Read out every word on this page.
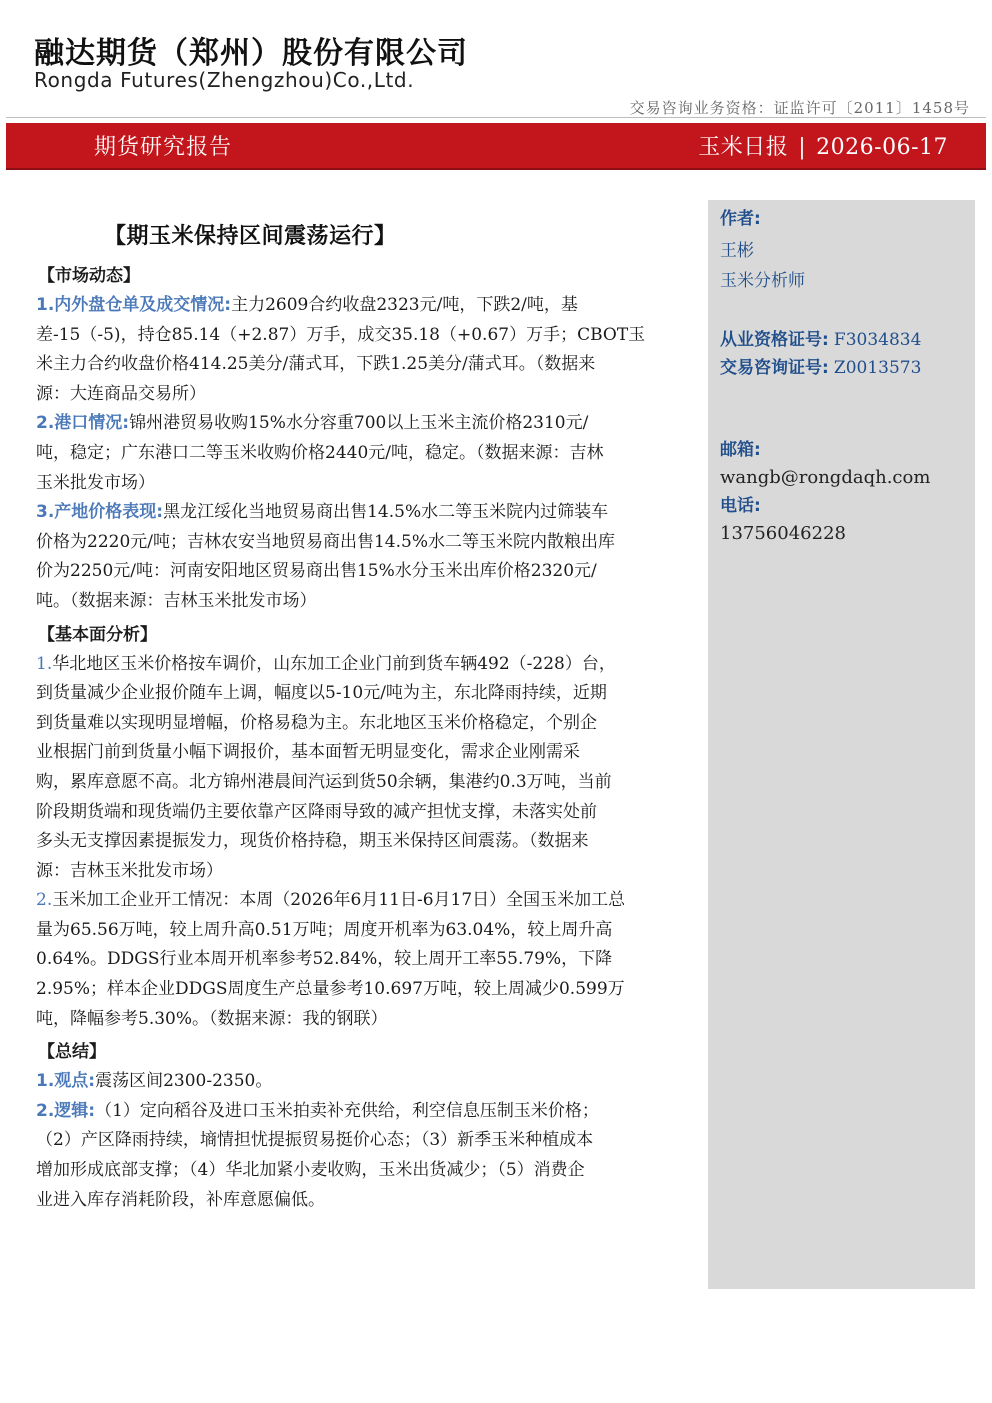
融达期货（郑州）股份有限公司
Rongda Futures(Zhengzhou)Co.,Ltd.
交易咨询业务资格：证监许可〔2011〕1458号
期货研究报告	玉米日报 | 2026-06-17
作者:
王彬
玉米分析师
从业资格证号: F3034834
交易咨询证号: Z0013573
邮箱:
wangb@rongdaqh.com
电话:
13756046228
【期玉米保持区间震荡运行】
【市场动态】
1.内外盘仓单及成交情况:主力2609合约收盘2323元/吨，下跌2/吨，基
差-15（-5)，持仓85.14（+2.87）万手，成交35.18（+0.67）万手；CBOT玉
米主力合约收盘价格414.25美分/蒲式耳，下跌1.25美分/蒲式耳。（数据来
源：大连商品交易所）
2.港口情况:锦州港贸易收购15%水分容重700以上玉米主流价格2310元/
吨，稳定；广东港口二等玉米收购价格2440元/吨，稳定。（数据来源：吉林
玉米批发市场）
3.产地价格表现:黑龙江绥化当地贸易商出售14.5%水二等玉米院内过筛装车
价格为2220元/吨；吉林农安当地贸易商出售14.5%水二等玉米院内散粮出库
价为2250元/吨：河南安阳地区贸易商出售15%水分玉米出库价格2320元/
吨。（数据来源：吉林玉米批发市场）
【基本面分析】
1.华北地区玉米价格按车调价，山东加工企业门前到货车辆492（-228）台，
到货量减少企业报价随车上调，幅度以5-10元/吨为主，东北降雨持续，近期
到货量难以实现明显增幅，价格易稳为主。东北地区玉米价格稳定，个别企
业根据门前到货量小幅下调报价，基本面暂无明显变化，需求企业刚需采
购，累库意愿不高。北方锦州港晨间汽运到货50余辆，集港约0.3万吨，当前
阶段期货端和现货端仍主要依靠产区降雨导致的减产担忧支撑，未落实处前
多头无支撑因素提振发力，现货价格持稳，期玉米保持区间震荡。（数据来
源：吉林玉米批发市场）
2.玉米加工企业开工情况：本周（2026年6月11日-6月17日）全国玉米加工总
量为65.56万吨，较上周升高0.51万吨；周度开机率为63.04%，较上周升高
0.64%。DDGS行业本周开机率参考52.84%，较上周开工率55.79%，下降
2.95%；样本企业DDGS周度生产总量参考10.697万吨，较上周减少0.599万
吨，降幅参考5.30%。（数据来源：我的钢联）
【总结】
1.观点:震荡区间2300-2350。
2.逻辑:（1）定向稻谷及进口玉米拍卖补充供给，利空信息压制玉米价格；
（2）产区降雨持续，墒情担忧提振贸易挺价心态；（3）新季玉米种植成本
增加形成底部支撑；（4）华北加紧小麦收购，玉米出货减少；（5）消费企
业进入库存消耗阶段，补库意愿偏低。
